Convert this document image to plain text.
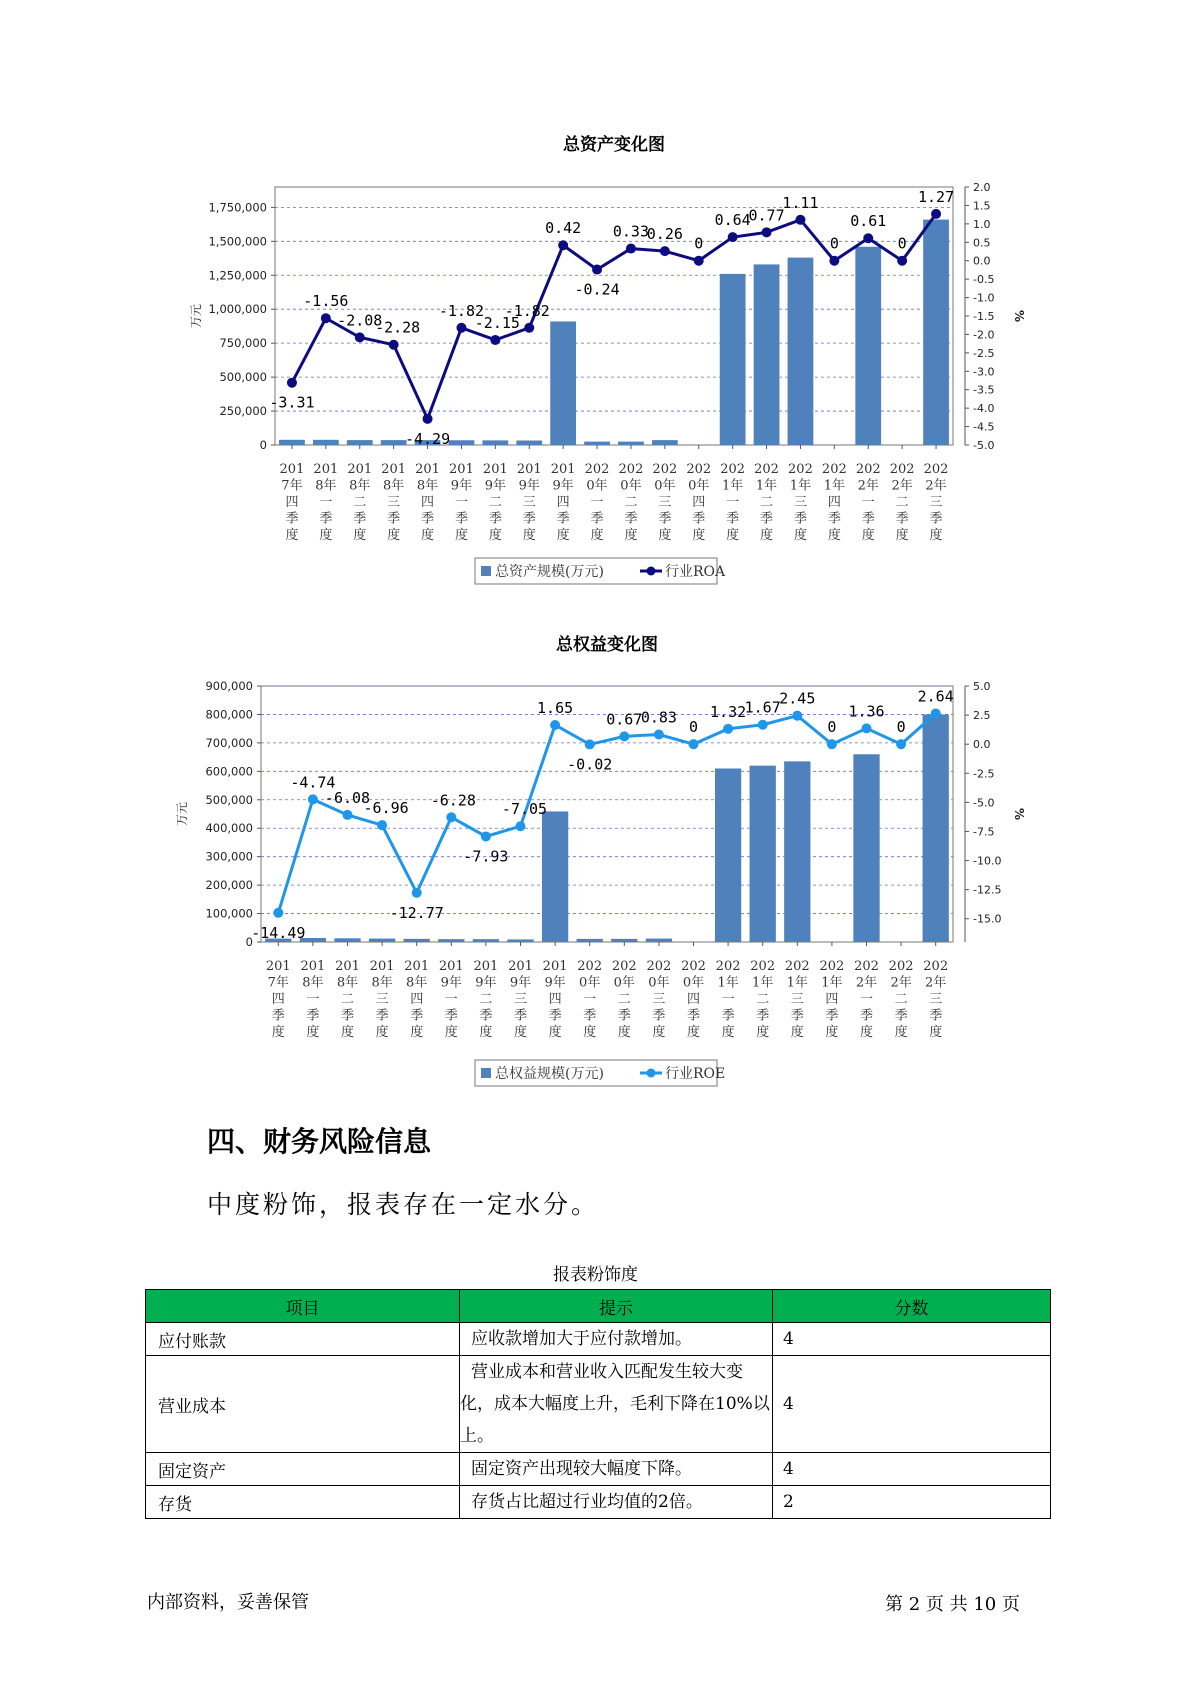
总资产变化图
0
250,000
500,000
750,000
1,000,000
1,250,000
1,500,000
1,750,000
2.0
1.5
1.0
0.5
0.0
-0.5
-1.0
-1.5
-2.0
-2.5
-3.0
-3.5
-4.0
-4.5
-5.0
万元	%
201
7年
四
季
度
201
8年
一
季
度
201
8年
二
季
度
201
8年
三
季
度
201
8年
四
季
度
201
9年
一
季
度
201
9年
二
季
度
201
9年
三
季
度
201
9年
四
季
度
202
0年
一
季
度
202
0年
二
季
度
202
0年
三
季
度
202
0年
四
季
度
202
1年
一
季
度
202
1年
二
季
度
202
1年
三
季
度
202
1年
四
季
度
202
2年
一
季
度
202
2年
二
季
度
202
2年
三
季
度
-3.31
-1.56
-2.08
-2.28
-4.29
-1.82
-2.15
-1.82
0.42
-0.24
0.33
0.26
0
0.64
0.77
1.11
0
0.61
0
1.27
总资产规模(万元)	行业ROA
总权益变化图
0
100,000
200,000
300,000
400,000
500,000
600,000
700,000
800,000
900,000	5.0
2.5
0.0
-2.5
-5.0
-7.5
-10.0
-12.5
-15.0
万元	%
201
7年
四
季
度
201
8年
一
季
度
201
8年
二
季
度
201
8年
三
季
度
201
8年
四
季
度
201
9年
一
季
度
201
9年
二
季
度
201
9年
三
季
度
201
9年
四
季
度
202
0年
一
季
度
202
0年
二
季
度
202
0年
三
季
度
202
0年
四
季
度
202
1年
一
季
度
202
1年
二
季
度
202
1年
三
季
度
202
1年
四
季
度
202
2年
一
季
度
202
2年
二
季
度
202
2年
三
季
度
-14.49
-4.74
-6.08
-6.96
-12.77
-6.28
-7.93
-7.05
1.65
-0.02
0.67
0.83
0
1.32
1.67
2.45
0
1.36
0
2.64
总权益规模(万元)	行业ROE
四、财务风险信息
中度粉饰，报表存在一定水分。
报表粉饰度
项目	提示	分数
应付账款	应收款增加大于应付款增加。	4
营业成本	营业成本和营业收入匹配发生较大变化，成本大幅度上升，毛利下降在10%以上。	4
固定资产	固定资产出现较大幅度下降。	4
存货	存货占比超过行业均值的2倍。	2
内部资料，妥善保管	第 2 页 共 10 页
